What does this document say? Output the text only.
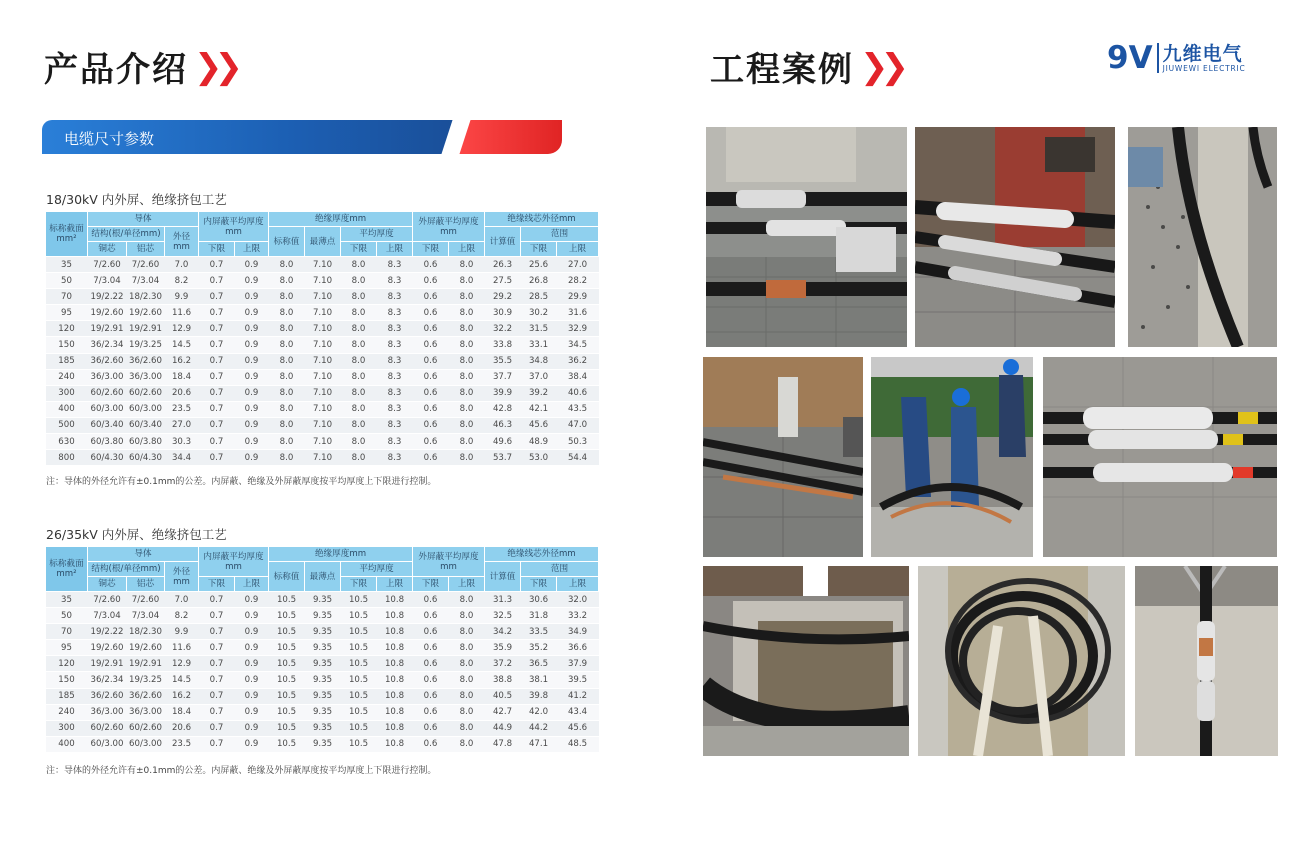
产品介绍 ❯❯
电缆尺寸参数
18/30kV 内外屏、绝缘挤包工艺
标称截面mm²	导体			内屏蔽平均厚度mm		绝缘厚度mm				外屏蔽平均厚度mm		绝缘线芯外径mm		
	结构(根/单径mm)		外径mm			标称值	最薄点	平均厚度				计算值	范围	
	铜芯	铝芯		下限	上限			下限	上限	下限	上限		下限	上限
35	7/2.60	7/2.60	7.0	0.7	0.9	8.0	7.10	8.0	8.3	0.6	8.0	26.3	25.6	27.0
50	7/3.04	7/3.04	8.2	0.7	0.9	8.0	7.10	8.0	8.3	0.6	8.0	27.5	26.8	28.2
70	19/2.22	18/2.30	9.9	0.7	0.9	8.0	7.10	8.0	8.3	0.6	8.0	29.2	28.5	29.9
95	19/2.60	19/2.60	11.6	0.7	0.9	8.0	7.10	8.0	8.3	0.6	8.0	30.9	30.2	31.6
120	19/2.91	19/2.91	12.9	0.7	0.9	8.0	7.10	8.0	8.3	0.6	8.0	32.2	31.5	32.9
150	36/2.34	19/3.25	14.5	0.7	0.9	8.0	7.10	8.0	8.3	0.6	8.0	33.8	33.1	34.5
185	36/2.60	36/2.60	16.2	0.7	0.9	8.0	7.10	8.0	8.3	0.6	8.0	35.5	34.8	36.2
240	36/3.00	36/3.00	18.4	0.7	0.9	8.0	7.10	8.0	8.3	0.6	8.0	37.7	37.0	38.4
300	60/2.60	60/2.60	20.6	0.7	0.9	8.0	7.10	8.0	8.3	0.6	8.0	39.9	39.2	40.6
400	60/3.00	60/3.00	23.5	0.7	0.9	8.0	7.10	8.0	8.3	0.6	8.0	42.8	42.1	43.5
500	60/3.40	60/3.40	27.0	0.7	0.9	8.0	7.10	8.0	8.3	0.6	8.0	46.3	45.6	47.0
630	60/3.80	60/3.80	30.3	0.7	0.9	8.0	7.10	8.0	8.3	0.6	8.0	49.6	48.9	50.3
800	60/4.30	60/4.30	34.4	0.7	0.9	8.0	7.10	8.0	8.3	0.6	8.0	53.7	53.0	54.4
注：导体的外径允许有±0.1mm的公差。内屏蔽、绝缘及外屏蔽厚度按平均厚度上下限进行控制。
26/35kV 内外屏、绝缘挤包工艺
标称截面mm²	导体			内屏蔽平均厚度mm		绝缘厚度mm				外屏蔽平均厚度mm		绝缘线芯外径mm		
	结构(根/单径mm)		外径mm			标称值	最薄点	平均厚度				计算值	范围	
	铜芯	铝芯		下限	上限			下限	上限	下限	上限		下限	上限
35	7/2.60	7/2.60	7.0	0.7	0.9	10.5	9.35	10.5	10.8	0.6	8.0	31.3	30.6	32.0
50	7/3.04	7/3.04	8.2	0.7	0.9	10.5	9.35	10.5	10.8	0.6	8.0	32.5	31.8	33.2
70	19/2.22	18/2.30	9.9	0.7	0.9	10.5	9.35	10.5	10.8	0.6	8.0	34.2	33.5	34.9
95	19/2.60	19/2.60	11.6	0.7	0.9	10.5	9.35	10.5	10.8	0.6	8.0	35.9	35.2	36.6
120	19/2.91	19/2.91	12.9	0.7	0.9	10.5	9.35	10.5	10.8	0.6	8.0	37.2	36.5	37.9
150	36/2.34	19/3.25	14.5	0.7	0.9	10.5	9.35	10.5	10.8	0.6	8.0	38.8	38.1	39.5
185	36/2.60	36/2.60	16.2	0.7	0.9	10.5	9.35	10.5	10.8	0.6	8.0	40.5	39.8	41.2
240	36/3.00	36/3.00	18.4	0.7	0.9	10.5	9.35	10.5	10.8	0.6	8.0	42.7	42.0	43.4
300	60/2.60	60/2.60	20.6	0.7	0.9	10.5	9.35	10.5	10.8	0.6	8.0	44.9	44.2	45.6
400	60/3.00	60/3.00	23.5	0.7	0.9	10.5	9.35	10.5	10.8	0.6	8.0	47.8	47.1	48.5
注：导体的外径允许有±0.1mm的公差。内屏蔽、绝缘及外屏蔽厚度按平均厚度上下限进行控制。
工程案例 ❯❯	9V 九维电气
JIUWEWI ELECTRIC
